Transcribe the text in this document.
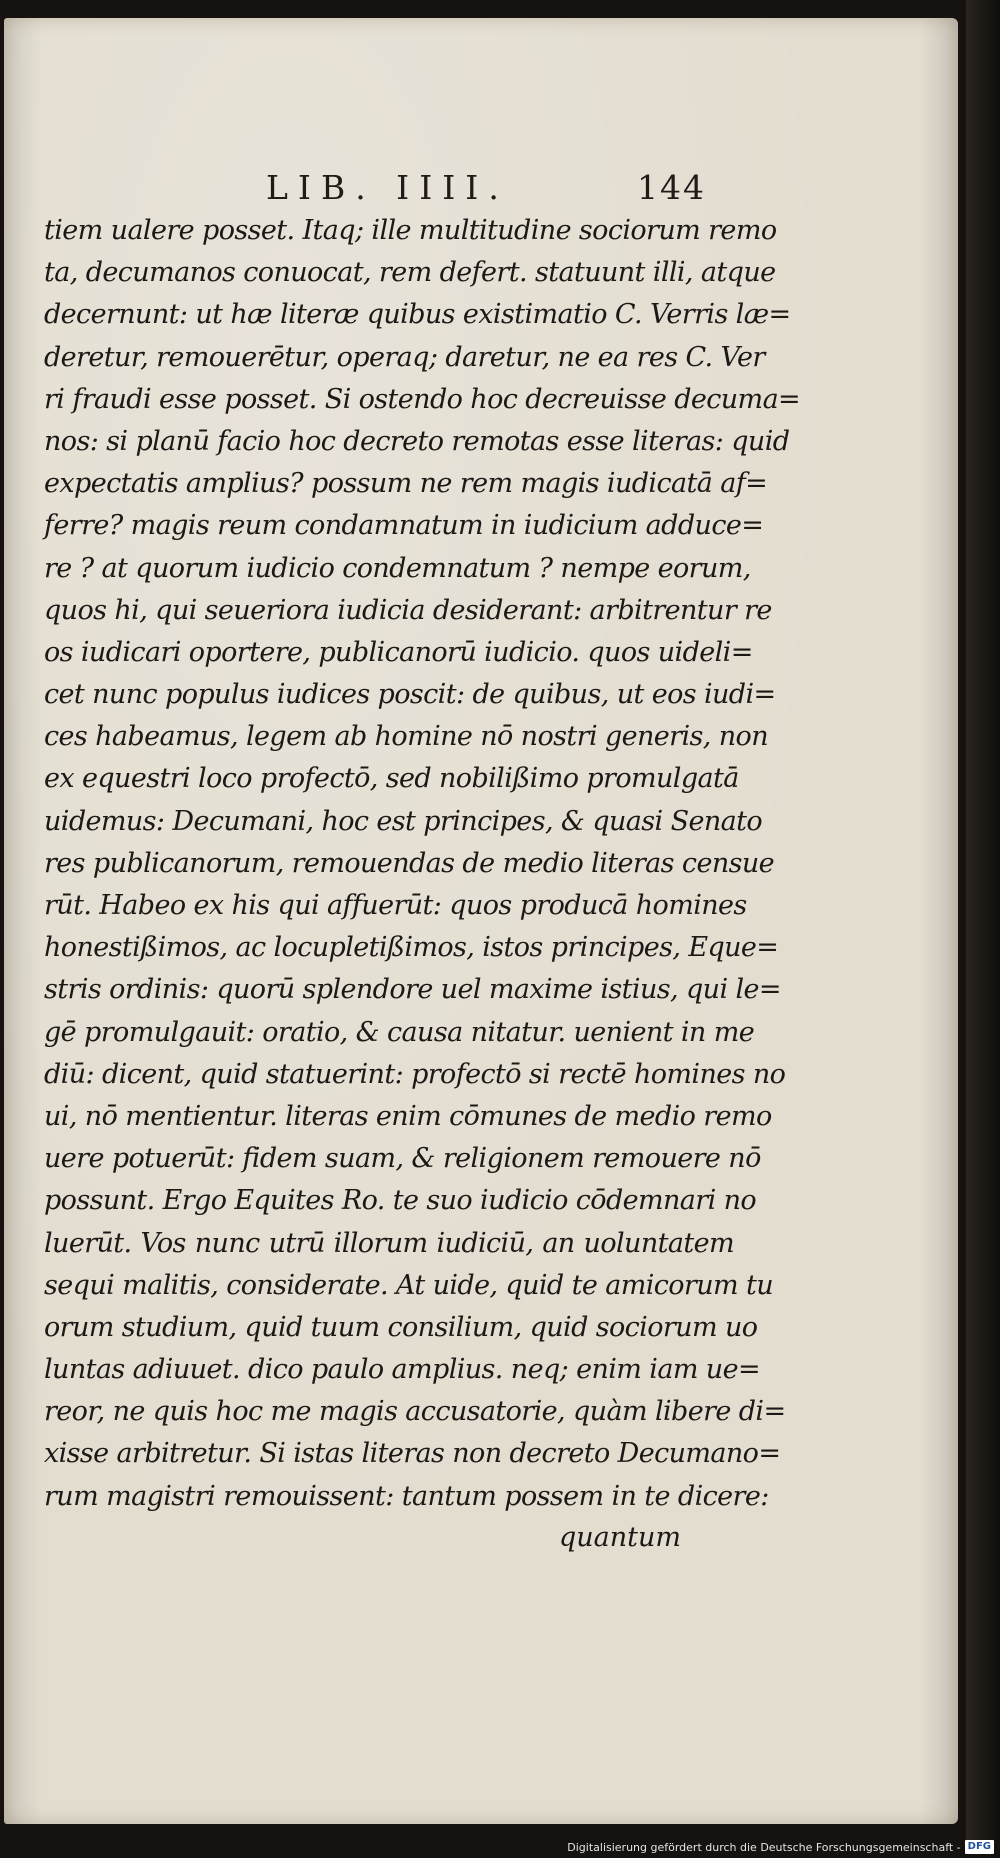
LIB. IIII.	144
tiem ualere posset. Itaq; ille multitudine sociorum remo
ta, decumanos conuocat, rem defert. statuunt illi, atque
decernunt: ut hæ literæ quibus existimatio C. Verris læ=
deretur, remouerētur, operaq; daretur, ne ea res C. Ver
ri fraudi esse posset. Si ostendo hoc decreuisse decuma=
nos: si planū facio hoc decreto remotas esse literas: quid
expectatis amplius? possum ne rem magis iudicatā af=
ferre? magis reum condamnatum in iudicium adduce=
re ? at quorum iudicio condemnatum ? nempe eorum,
quos hi, qui seueriora iudicia desiderant: arbitrentur re
os iudicari oportere, publicanorū iudicio. quos uideli=
cet nunc populus iudices poscit: de quibus, ut eos iudi=
ces habeamus, legem ab homine nō nostri generis, non
ex equestri loco profectō, sed nobilißimo promulgatā
uidemus: Decumani, hoc est principes, & quasi Senato
res publicanorum, remouendas de medio literas censue
rūt. Habeo ex his qui affuerūt: quos producā homines
honestißimos, ac locupletißimos, istos principes, Eque=
stris ordinis: quorū splendore uel maxime istius, qui le=
gē promulgauit: oratio, & causa nitatur. uenient in me
diū: dicent, quid statuerint: profectō si rectē homines no
ui, nō mentientur. literas enim cōmunes de medio remo
uere potuerūt: fidem suam, & religionem remouere nō
possunt. Ergo Equites Ro. te suo iudicio cōdemnari no
luerūt. Vos nunc utrū illorum iudiciū, an uoluntatem
sequi malitis, considerate. At uide, quid te amicorum tu
orum studium, quid tuum consilium, quid sociorum uo
luntas adiuuet. dico paulo amplius. neq; enim iam ue=
reor, ne quis hoc me magis accusatorie, quàm libere di=
xisse arbitretur. Si istas literas non decreto Decumano=
rum magistri remouissent: tantum possem in te dicere:
quantum
Digitalisierung gefördert durch die Deutsche Forschungsgemeinschaft - DFG
